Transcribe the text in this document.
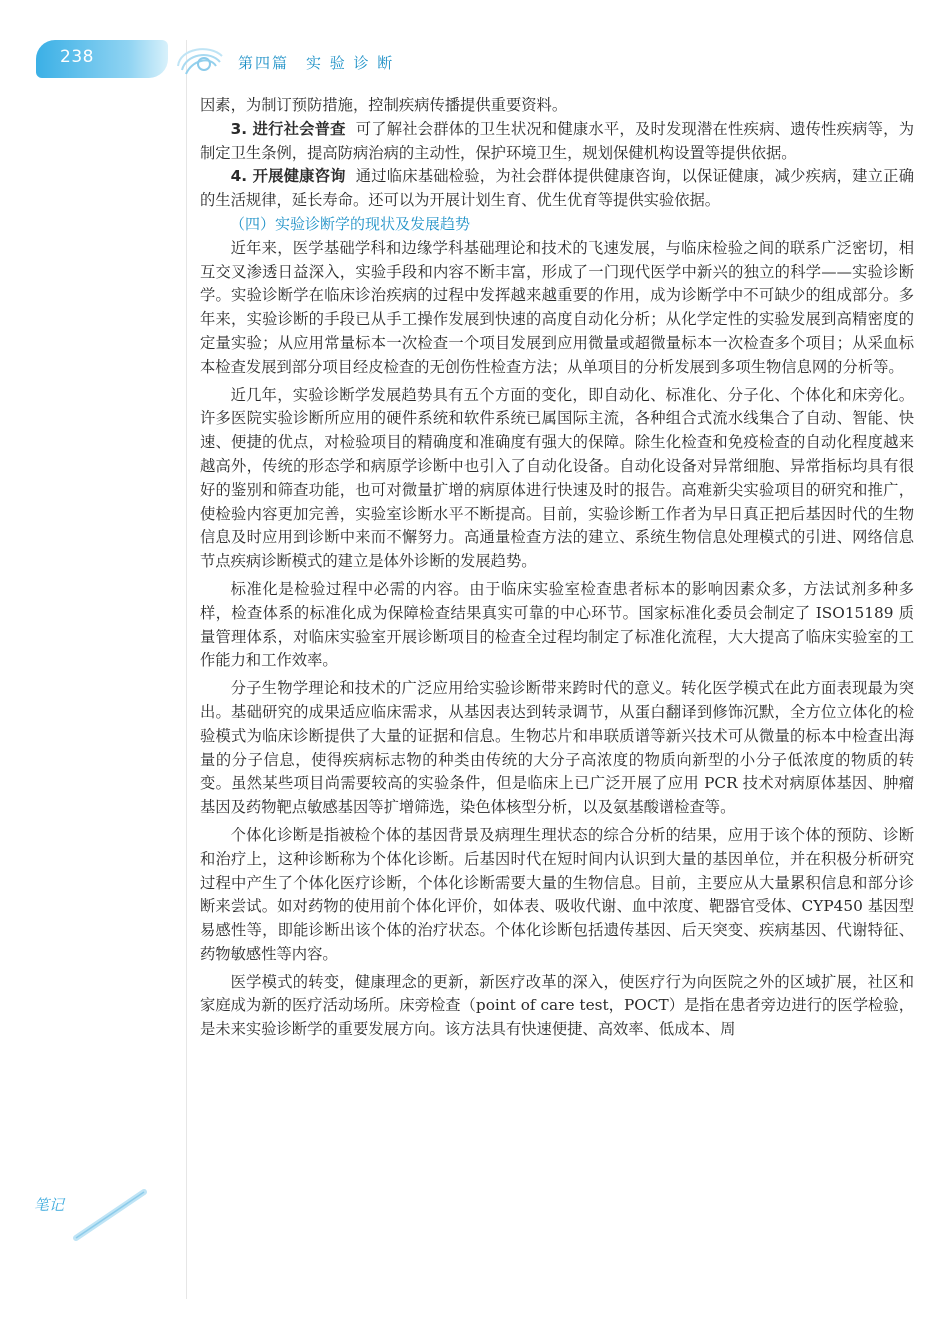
238	第四篇　实 验 诊 断

因素，为制订预防措施，控制疾病传播提供重要资料。

3. 进行社会普查 可了解社会群体的卫生状况和健康水平，及时发现潜在性疾病、遗传性疾病等，为制定卫生条例，提高防病治病的主动性，保护环境卫生，规划保健机构设置等提供依据。

4. 开展健康咨询 通过临床基础检验，为社会群体提供健康咨询，以保证健康，减少疾病，建立正确的生活规律，延长寿命。还可以为开展计划生育、优生优育等提供实验依据。

（四）实验诊断学的现状及发展趋势

近年来，医学基础学科和边缘学科基础理论和技术的飞速发展，与临床检验之间的联系广泛密切，相互交叉渗透日益深入，实验手段和内容不断丰富，形成了一门现代医学中新兴的独立的科学——实验诊断学。实验诊断学在临床诊治疾病的过程中发挥越来越重要的作用，成为诊断学中不可缺少的组成部分。多年来，实验诊断的手段已从手工操作发展到快速的高度自动化分析；从化学定性的实验发展到高精密度的定量实验；从应用常量标本一次检查一个项目发展到应用微量或超微量标本一次检查多个项目；从采血标本检查发展到部分项目经皮检查的无创伤性检查方法；从单项目的分析发展到多项生物信息网的分析等。

近几年，实验诊断学发展趋势具有五个方面的变化，即自动化、标准化、分子化、个体化和床旁化。许多医院实验诊断所应用的硬件系统和软件系统已属国际主流，各种组合式流水线集合了自动、智能、快速、便捷的优点，对检验项目的精确度和准确度有强大的保障。除生化检查和免疫检查的自动化程度越来越高外，传统的形态学和病原学诊断中也引入了自动化设备。自动化设备对异常细胞、异常指标均具有很好的鉴别和筛查功能，也可对微量扩增的病原体进行快速及时的报告。高难新尖实验项目的研究和推广，使检验内容更加完善，实验室诊断水平不断提高。目前，实验诊断工作者为早日真正把后基因时代的生物信息及时应用到诊断中来而不懈努力。高通量检查方法的建立、系统生物信息处理模式的引进、网络信息节点疾病诊断模式的建立是体外诊断的发展趋势。

标准化是检验过程中必需的内容。由于临床实验室检查患者标本的影响因素众多，方法试剂多种多样，检查体系的标准化成为保障检查结果真实可靠的中心环节。国家标准化委员会制定了 ISO15189 质量管理体系，对临床实验室开展诊断项目的检查全过程均制定了标准化流程，大大提高了临床实验室的工作能力和工作效率。

分子生物学理论和技术的广泛应用给实验诊断带来跨时代的意义。转化医学模式在此方面表现最为突出。基础研究的成果适应临床需求，从基因表达到转录调节，从蛋白翻译到修饰沉默，全方位立体化的检验模式为临床诊断提供了大量的证据和信息。生物芯片和串联质谱等新兴技术可从微量的标本中检查出海量的分子信息，使得疾病标志物的种类由传统的大分子高浓度的物质向新型的小分子低浓度的物质的转变。虽然某些项目尚需要较高的实验条件，但是临床上已广泛开展了应用 PCR 技术对病原体基因、肿瘤基因及药物靶点敏感基因等扩增筛选，染色体核型分析，以及氨基酸谱检查等。

个体化诊断是指被检个体的基因背景及病理生理状态的综合分析的结果，应用于该个体的预防、诊断和治疗上，这种诊断称为个体化诊断。后基因时代在短时间内认识到大量的基因单位，并在积极分析研究过程中产生了个体化医疗诊断，个体化诊断需要大量的生物信息。目前，主要应从大量累积信息和部分诊断来尝试。如对药物的使用前个体化评价，如体表、吸收代谢、血中浓度、靶器官受体、CYP450 基因型易感性等，即能诊断出该个体的治疗状态。个体化诊断包括遗传基因、后天突变、疾病基因、代谢特征、药物敏感性等内容。

医学模式的转变，健康理念的更新，新医疗改革的深入，使医疗行为向医院之外的区域扩展，社区和家庭成为新的医疗活动场所。床旁检查（point of care test，POCT）是指在患者旁边进行的医学检验，是未来实验诊断学的重要发展方向。该方法具有快速便捷、高效率、低成本、周

笔记
